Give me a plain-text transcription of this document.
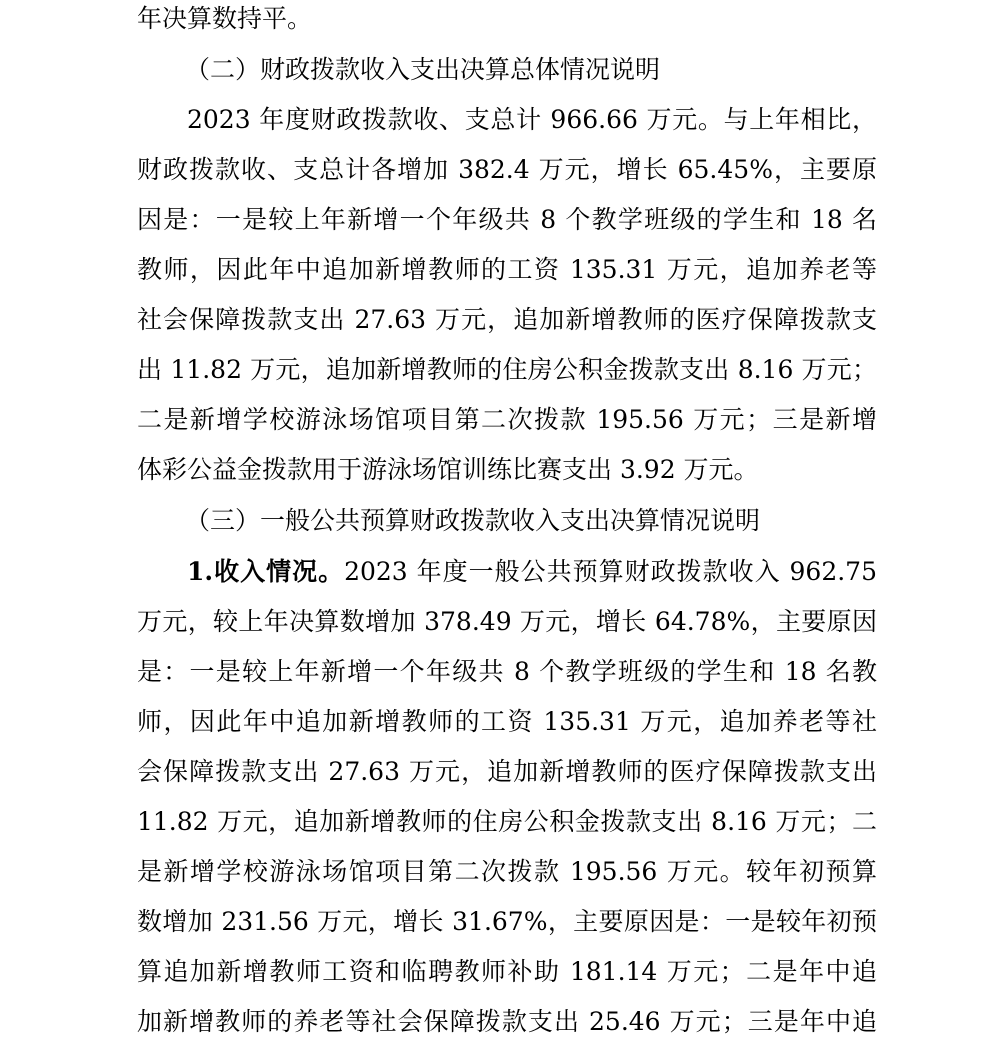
年决算数持平。
（二）财政拨款收入支出决算总体情况说明
2023 年度财政拨款收、支总计 966.66 万元。与上年相比，
财政拨款收、支总计各增加 382.4 万元，增长 65.45%，主要原
因是：一是较上年新增一个年级共 8 个教学班级的学生和 18 名
教师，因此年中追加新增教师的工资 135.31 万元，追加养老等
社会保障拨款支出 27.63 万元，追加新增教师的医疗保障拨款支
出 11.82 万元，追加新增教师的住房公积金拨款支出 8.16 万元；
二是新增学校游泳场馆项目第二次拨款 195.56 万元；三是新增
体彩公益金拨款用于游泳场馆训练比赛支出 3.92 万元。
（三）一般公共预算财政拨款收入支出决算情况说明
1.收入情况。2023 年度一般公共预算财政拨款收入 962.75
万元，较上年决算数增加 378.49 万元，增长 64.78%，主要原因
是：一是较上年新增一个年级共 8 个教学班级的学生和 18 名教
师，因此年中追加新增教师的工资 135.31 万元，追加养老等社
会保障拨款支出 27.63 万元，追加新增教师的医疗保障拨款支出
11.82 万元，追加新增教师的住房公积金拨款支出 8.16 万元；二
是新增学校游泳场馆项目第二次拨款 195.56 万元。较年初预算
数增加 231.56 万元，增长 31.67%，主要原因是：一是较年初预
算追加新增教师工资和临聘教师补助 181.14 万元；二是年中追
加新增教师的养老等社会保障拨款支出 25.46 万元；三是年中追
